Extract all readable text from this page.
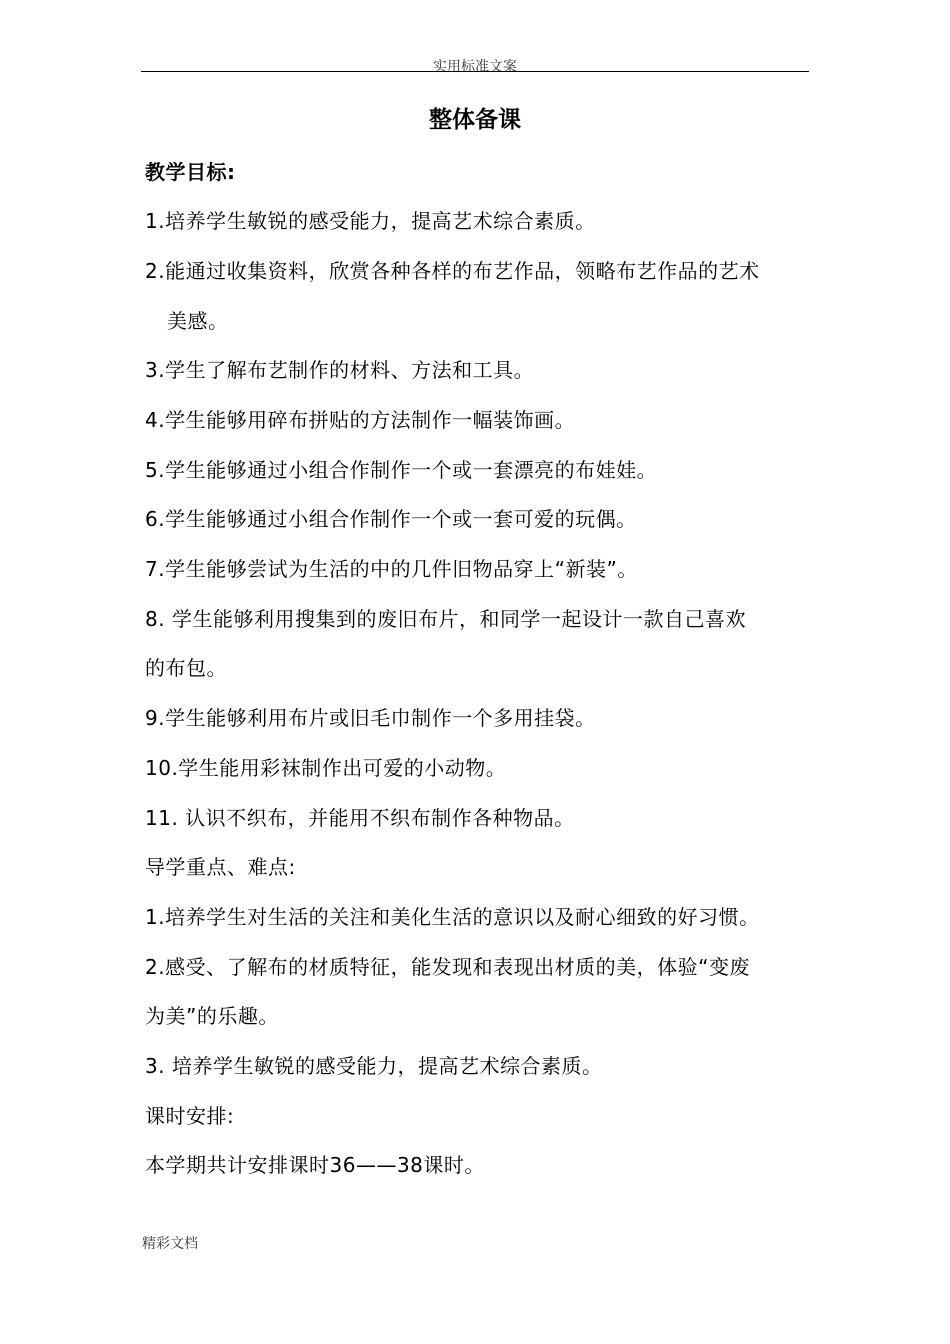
实用标准文案
整体备课
教学目标:
1.培养学生敏锐的感受能力，提高艺术综合素质。
2.能通过收集资料，欣赏各种各样的布艺作品，领略布艺作品的艺术
美感。
3.学生了解布艺制作的材料、方法和工具。
4.学生能够用碎布拼贴的方法制作一幅装饰画。
5.学生能够通过小组合作制作一个或一套漂亮的布娃娃。
6.学生能够通过小组合作制作一个或一套可爱的玩偶。
7.学生能够尝试为生活的中的几件旧物品穿上“新装”。
8. 学生能够利用搜集到的废旧布片，和同学一起设计一款自己喜欢
的布包。
9.学生能够利用布片或旧毛巾制作一个多用挂袋。
10.学生能用彩袜制作出可爱的小动物。
11. 认识不织布，并能用不织布制作各种物品。
导学重点、难点:
1.培养学生对生活的关注和美化生活的意识以及耐心细致的好习惯。
2.感受、了解布的材质特征，能发现和表现出材质的美，体验“变废
为美”的乐趣。
3. 培养学生敏锐的感受能力，提高艺术综合素质。
课时安排:
本学期共计安排课时36——38课时。
精彩文档
